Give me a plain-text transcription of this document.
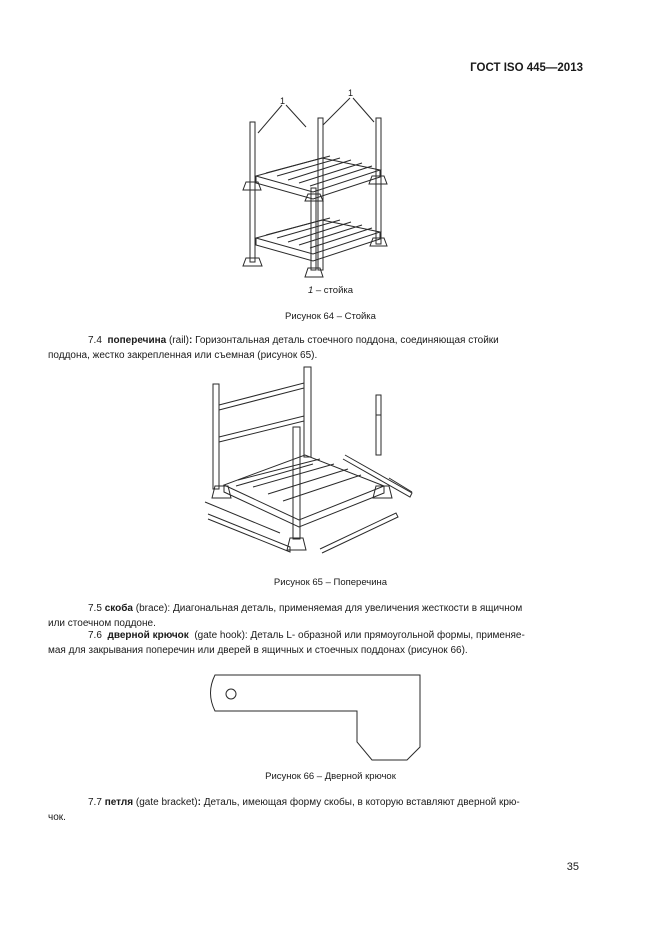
ГОСТ ISO 445—2013
1
1
1 – стойка
Рисунок 64 – Стойка
7.4 поперечина (rail): Горизонтальная деталь стоечного поддона, соединяющая стойки
поддона, жестко закрепленная или съемная (рисунок 65).
Рисунок 65 – Поперечина
7.5 скоба (brace): Диагональная деталь, применяемая для увеличения жесткости в ящичном
или стоечном поддоне.
7.6 дверной крючок  (gate hook): Деталь L- образной или прямоугольной формы, применяе-
мая для закрывания поперечин или дверей в ящичных и стоечных поддонах (рисунок 66).
Рисунок 66 – Дверной крючок
7.7 петля (gate bracket): Деталь, имеющая форму скобы, в которую вставляют дверной крю-
чок.
35
